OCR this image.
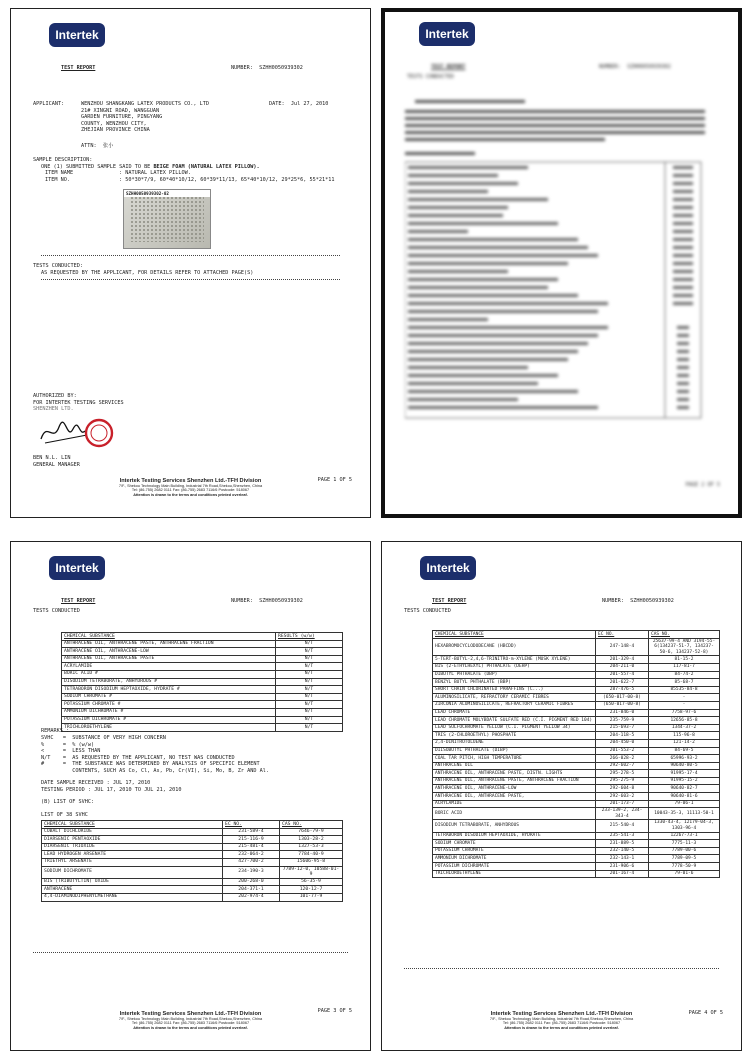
Intertek
TEST REPORT	NUMBER: SZHH0050939302
APPLICANT:	WENZHOU SHANGKANG LATEX PRODUCTS CO., LTD
21# XINGNI ROAD, WANGGUAN
GARDEN FURNITURE, PINGYANG
COUNTY, WENZHOU CITY,
ZHEJIAN PROVINCE CHINA
DATE: Jul 27, 2010
ATTN: 张小
SAMPLE DESCRIPTION:
ONE (1) SUBMITTED SAMPLE SAID TO BE BEIGE FOAM (NATURAL LATEX PILLOW).
ITEM NAME	: NATURAL LATEX PILLOW.
ITEM NO.	: 50*30*7/9, 60*40*10/12, 60*39*11/13, 65*40*10/12, 29*25*6, 55*21*11
SZHH0050939302-02
TESTS CONDUCTED:
AS REQUESTED BY THE APPLICANT, FOR DETAILS REFER TO ATTACHED PAGE(S)
AUTHORIZED BY:
FOR INTERTEK TESTING SERVICES
SHENZHEN LTD.
BEN N.L. LIN
GENERAL MANAGER
PAGE 1 OF 5
Intertek Testing Services Shenzhen Ltd.-TFH Division
7/F., Shekou Technology Main Building, Industrial 7th Road,Shekou,Shenzhen, China
Tel: (86-755) 2682 0111 Fax: (86-755) 2683 7116/6 Postcode: 518067
Attention is drawn to the terms and conditions printed overleaf.
Intertek
TEST REPORT	NUMBER: SZHH0050939302
TESTS CONDUCTED
PAGE 2 OF 5
Intertek
TEST REPORT	NUMBER: SZHH0050939302
TESTS CONDUCTED
CHEMICAL SUBSTANCE	RESULTS (w/w)
ANTHRACENE OIL, ANTHRACENE PASTE, ANTHRACENE FRACTION	N/T
ANTHRACENE OIL, ANTHRACENE-LOW	N/T
ANTHRACENE OIL, ANTHRACENE PASTE	N/T
ACRYLAMIDE	N/T
BORIC ACID #	N/T
DISODIUM TETRABORATE, ANHYDROUS #	N/T
TETRABORON DISODIUM HEPTAOXIDE, HYDRATE #	N/T
SODIUM CHROMATE #	N/T
POTASSIUM CHROMATE #	N/T
AMMONIUM DICHROMATE #	N/T
POTASSIUM DICHROMATE #	N/T
TRICHLOROETHYLENE	N/T
REMARKS :
SVHC   =  SUBSTANCE OF VERY HIGH CONCERN
%      =  % (w/w)
<      =  LESS THAN
N/T    =  AS REQUESTED BY THE APPLICANT, NO TEST WAS CONDUCTED
#      =  THE SUBSTANCE WAS DETERMINED BY ANALYSIS OF SPECIFIC ELEMENT
CONTENTS, SUCH AS Co, Cl, As, Pb, Cr(VI), Si, Mo, B, Zr AND Al.
DATE SAMPLE RECEIVED : JUL 17, 2010
TESTING PERIOD : JUL 17, 2010 TO JUL 21, 2010
(B) LIST OF SVHC:
LIST OF 38 SVHC
CHEMICAL SUBSTANCE	EC NO.	CAS NO.
COBALT DICHLORIDE	231-589-4	7646-79-9
DIARSENIC PENTAOXIDE	215-116-9	1303-28-2
DIARSENIC TRIOXIDE	215-481-4	1327-53-3
LEAD HYDROGEN ARSENATE	232-064-2	7784-40-9
TRIETHYL ARSENATE	427-700-2	15606-95-8
SODIUM DICHROMATE	234-190-3	7789-12-0, 10588-01-9
BIS (TRIBUTYLTIN) OXIDE	200-268-0	56-35-9
ANTHRACENE	204-371-1	120-12-7
4,4-DIAMINODIPHENYLMETHANE	202-974-4	101-77-9
PAGE 3 OF 5
Intertek Testing Services Shenzhen Ltd.-TFH Division
7/F., Shekou Technology Main Building, Industrial 7th Road,Shekou,Shenzhen, China
Tel: (86-755) 2682 0111 Fax: (86-755) 2683 7116/6 Postcode: 518067
Attention is drawn to the terms and conditions printed overleaf.
Intertek
TEST REPORT	NUMBER: SZHH0050939302
TESTS CONDUCTED
CHEMICAL SUBSTANCE	EC NO.	CAS NO.
HEXABROMOCYCLODODECANE (HBCDD)	247-148-4	25637-99-4 AND 3194-55-6(134237-51-7, 134237-50-6, 134237-52-8)
5-TERT-BUTYL-2,4,6-TRINITRO-m-XYLENE (MUSK XYLENE)	201-329-4	81-15-2
BIS (2-ETHYLHEXYL) PHTHALATE (DEHP)	204-211-0	117-81-7
DIBUTYL PHTHALATE (DBP)	201-557-4	84-74-2
BENZYL BUTYL PHTHALATE (BBP)	201-622-7	85-68-7
SHORT CHAIN CHLORINATED PARAFFINS (C...)	287-476-5	85535-84-8
ALUMINOSILICATE, REFRACTORY CERAMIC FIBRES	(650-017-00-8)	-
ZIRCONIA ALUMINOSILICATE, REFRACTORY CERAMIC FIBRES	(650-017-00-8)	-
LEAD CHROMATE	231-846-0	7758-97-6
LEAD CHROMATE MOLYBDATE SULFATE RED (C.I. PIGMENT RED 104)	235-759-9	12656-85-8
LEAD SULFOCHROMATE YELLOW (C.I. PIGMENT YELLOW 34)	215-693-7	1344-37-2
TRIS (2-CHLOROETHYL) PHOSPHATE	204-118-5	115-96-8
2,4-DINITROTOLUENE	204-450-0	121-14-2
DIISOBUTYL PHTHALATE (DIBP)	201-553-2	84-69-5
COAL TAR PITCH, HIGH TEMPERATURE	266-028-2	65996-93-2
ANTHRACENE OIL	292-602-7	90640-80-5
ANTHRACENE OIL, ANTHRACENE PASTE, DISTN. LIGHTS	295-278-5	91995-17-4
ANTHRACENE OIL, ANTHRACENE PASTE, ANTHRACENE FRACTION	295-275-9	91995-15-2
ANTHRACENE OIL, ANTHRACENE-LOW	292-604-8	90640-82-7
ANTHRACENE OIL, ANTHRACENE PASTE,	292-603-2	90640-81-6
ACRYLAMIDE	201-173-7	79-06-1
BORIC ACID	233-139-2, 234-343-4	10043-35-3, 11113-50-1
DISODIUM TETRABORATE, ANHYDROUS	215-540-4	1330-43-4, 12179-04-3, 1303-96-4
TETRABORON DISODIUM HEPTAOXIDE, HYDRATE	235-541-3	12267-73-1
SODIUM CHROMATE	231-889-5	7775-11-3
POTASSIUM CHROMATE	232-140-5	7789-00-6
AMMONIUM DICHROMATE	232-143-1	7789-09-5
POTASSIUM DICHROMATE	231-906-6	7778-50-9
TRICHLOROETHYLENE	201-167-4	79-01-6
PAGE 4 OF 5
Intertek Testing Services Shenzhen Ltd.-TFH Division
7/F., Shekou Technology Main Building, Industrial 7th Road,Shekou,Shenzhen, China
Tel: (86-755) 2682 0111 Fax: (86-755) 2683 7116/6 Postcode: 518067
Attention is drawn to the terms and conditions printed overleaf.
